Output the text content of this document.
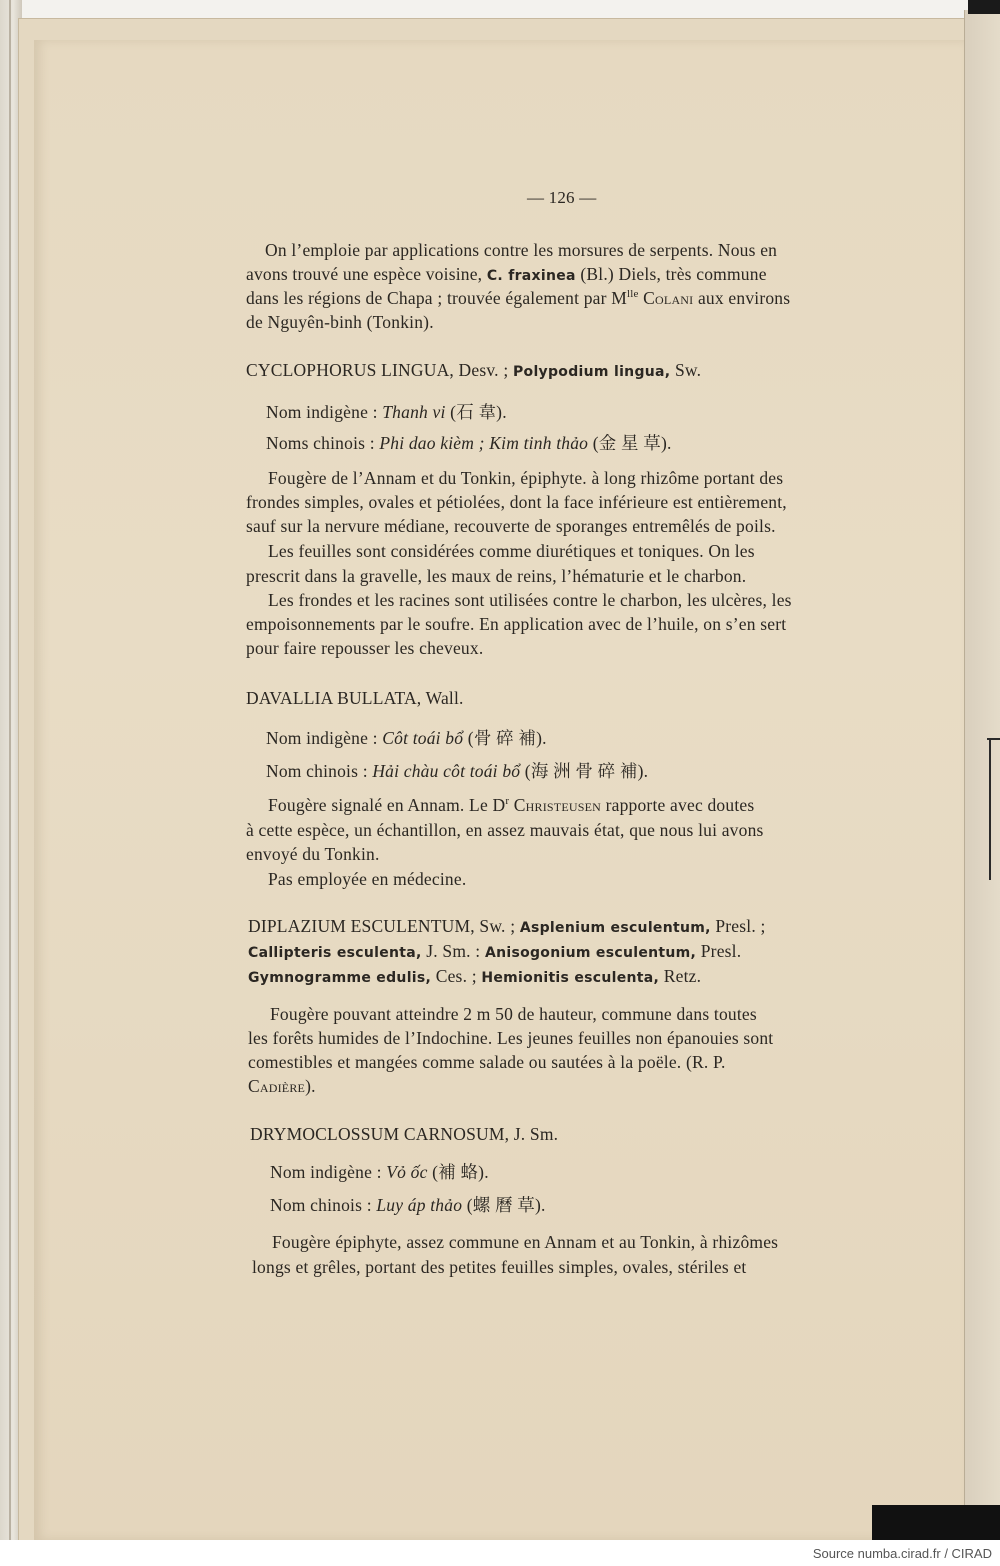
— 126 —
On l’emploie par applications contre les morsures de serpents. Nous en
avons trouvé une espèce voisine, C. fraxinea (Bl.) Diels, très commune
dans les régions de Chapa ; trouvée également par $M^{lle}$ Colani aux environs
de Nguyên-binh (Tonkin).
CYCLOPHORUS LINGUA, Desv. ; Polypodium lingua, Sw.
Nom indigène : Thanh vi (石 韋).
Noms chinois : Phi dao kièm ; Kim tinh thảo (金 星 草).
Fougère de l’Annam et du Tonkin, épiphyte. à long rhizôme portant des
frondes simples, ovales et pétiolées, dont la face inférieure est entièrement,
sauf sur la nervure médiane, recouverte de sporanges entremêlés de poils.
Les feuilles sont considérées comme diurétiques et toniques. On les
prescrit dans la gravelle, les maux de reins, l’hématurie et le charbon.
Les frondes et les racines sont utilisées contre le charbon, les ulcères, les
empoisonnements par le soufre. En application avec de l’huile, on s’en sert
pour faire repousser les cheveux.
DAVALLIA BULLATA, Wall.
Nom indigène : Côt toái bổ (骨 碎 補).
Nom chinois : Hải chàu côt toái bổ (海 洲 骨 碎 補).
Fougère signalé en Annam. Le $D^r$ Christeusen rapporte avec doutes
à cette espèce, un échantillon, en assez mauvais état, que nous lui avons
envoyé du Tonkin.
Pas employée en médecine.
DIPLAZIUM ESCULENTUM, Sw. ; Asplenium esculentum, Presl. ;
Callipteris esculenta, J. Sm. : Anisogonium esculentum, Presl.
Gymnogramme edulis, Ces. ; Hemionitis esculenta, Retz.
Fougère pouvant atteindre 2 m 50 de hauteur, commune dans toutes
les forêts humides de l’Indochine. Les jeunes feuilles non épanouies sont
comestibles et mangées comme salade ou sautées à la poële. (R. P.
Cadière).
DRYMOCLOSSUM CARNOSUM, J. Sm.
Nom indigène : Vỏ ốc (補 蛒).
Nom chinois : Luy áp thảo (螺 曆 草).
Fougère épiphyte, assez commune en Annam et au Tonkin, à rhizômes
longs et grêles, portant des petites feuilles simples, ovales, stériles et
Source numba.cirad.fr / CIRAD
